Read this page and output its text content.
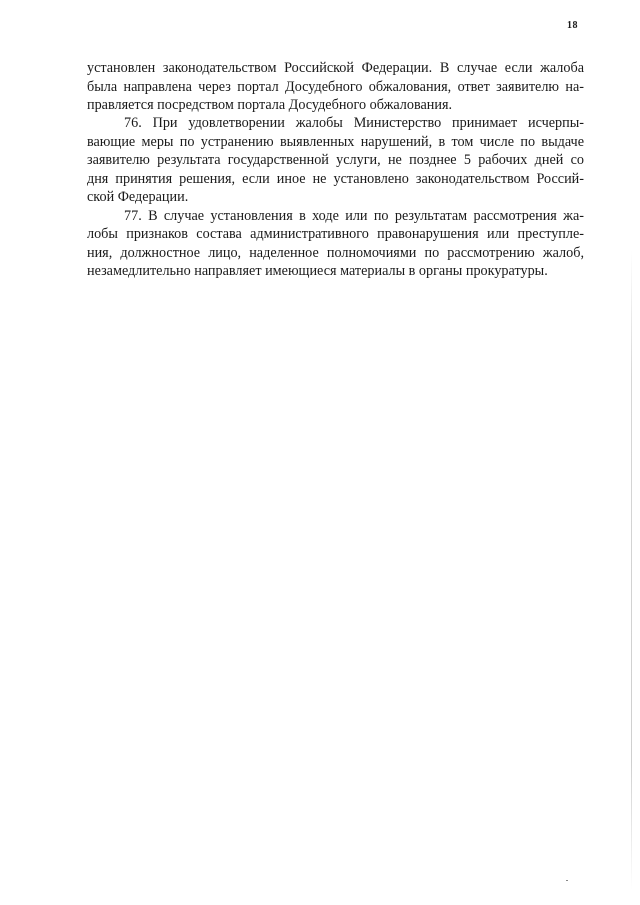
18
установлен законодательством Российской Федерации. В случае если жалоба
была направлена через портал Досудебного обжалования, ответ заявителю на-
правляется посредством портала Досудебного обжалования.
76. При удовлетворении жалобы Министерство принимает исчерпы-
вающие меры по устранению выявленных нарушений, в том числе по выдаче
заявителю результата государственной услуги, не позднее 5 рабочих дней со
дня принятия решения, если иное не установлено законодательством Россий-
ской Федерации.
77. В случае установления в ходе или по результатам рассмотрения жа-
лобы признаков состава административного правонарушения или преступле-
ния, должностное лицо, наделенное полномочиями по рассмотрению жалоб,
незамедлительно направляет имеющиеся материалы в органы прокуратуры.
